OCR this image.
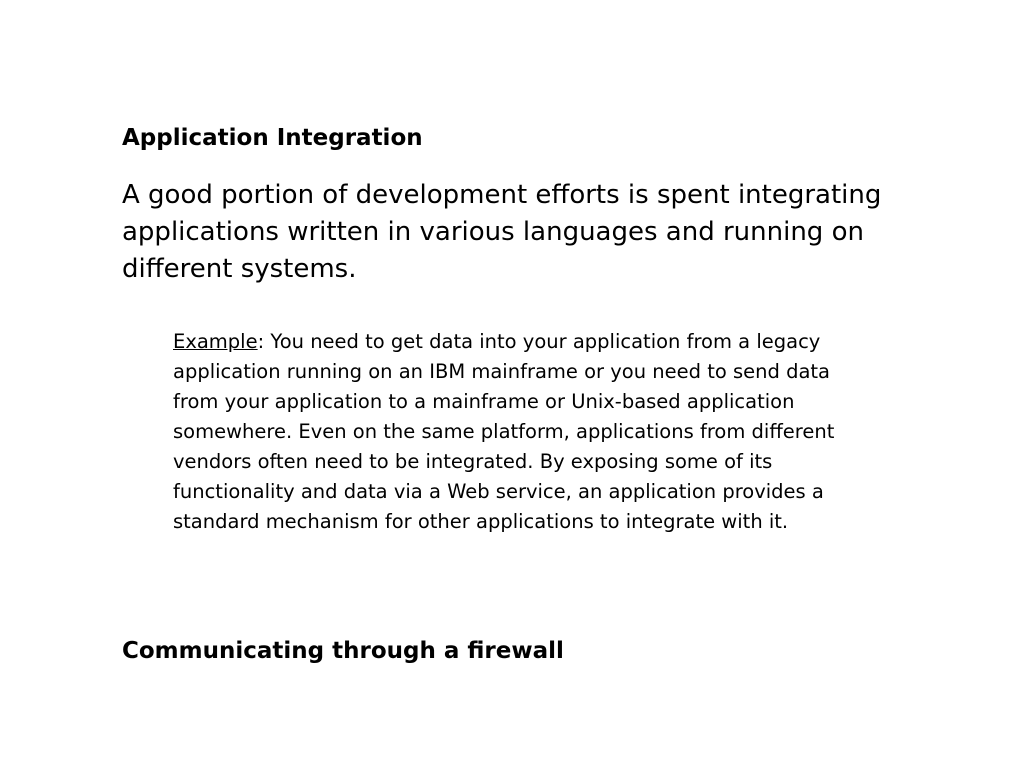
Application Integration

A good portion of development efforts is spent integrating applications written in various languages and running on different systems.

Example: You need to get data into your application from a legacy application running on an IBM mainframe or you need to send data from your application to a mainframe or Unix-based application somewhere. Even on the same platform, applications from different vendors often need to be integrated. By exposing some of its functionality and data via a Web service, an application provides a standard mechanism for other applications to integrate with it.

Communicating through a firewall
